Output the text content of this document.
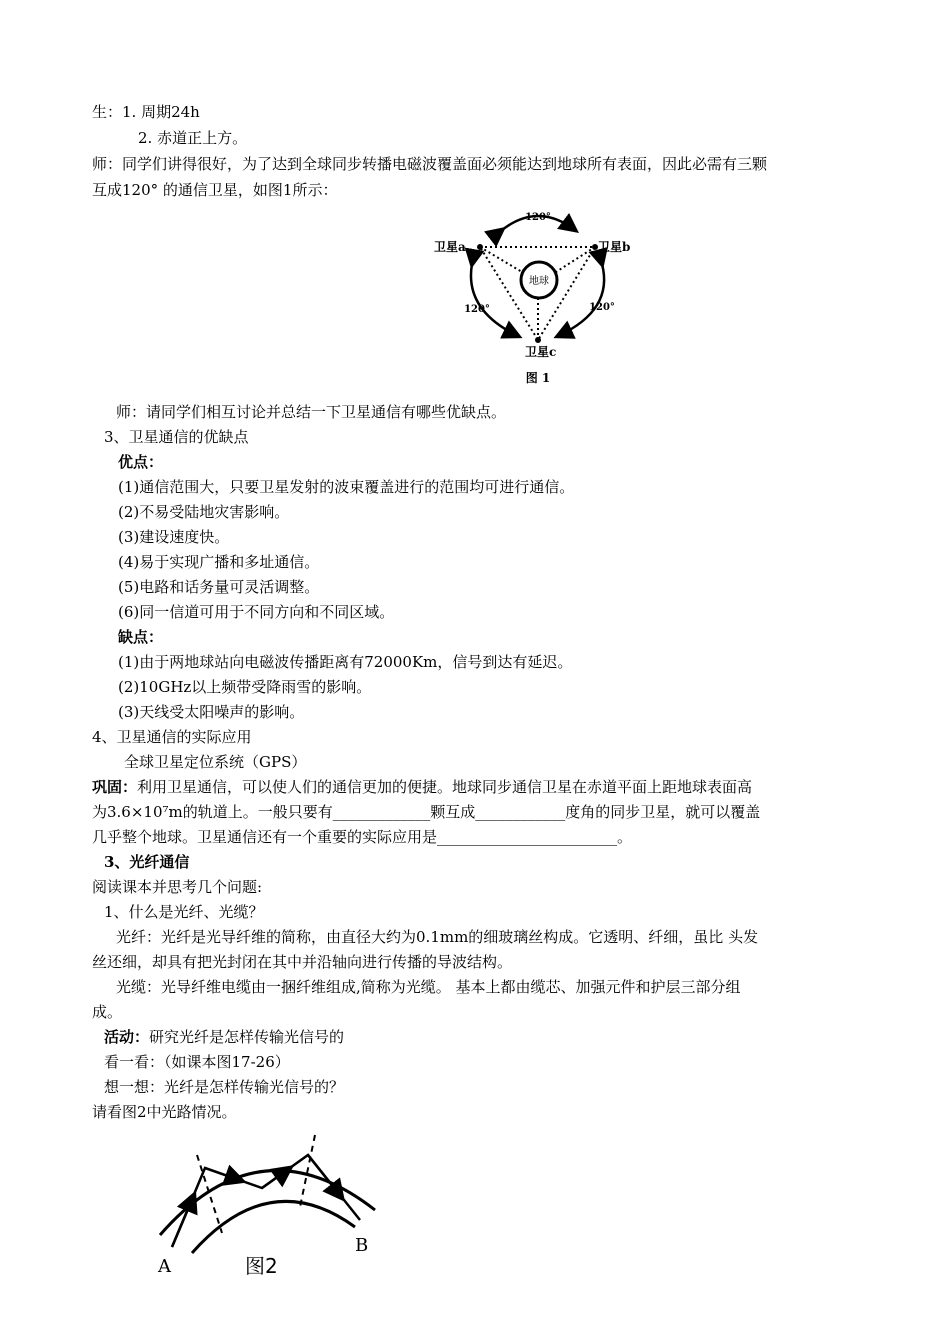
生：1. 周期24h
2. 赤道正上方。
师：同学们讲得很好，为了达到全球同步转播电磁波覆盖面必须能达到地球所有表面，因此必需有三颗
互成120° 的通信卫星，如图1所示：
地球
卫星a	卫星b
卫星c
120°
120°	120°
图 1
师：请同学们相互讨论并总结一下卫星通信有哪些优缺点。
3、卫星通信的优缺点
优点：
(1)通信范围大，只要卫星发射的波束覆盖进行的范围均可进行通信。
(2)不易受陆地灾害影响。
(3)建设速度快。
(4)易于实现广播和多址通信。
(5)电路和话务量可灵活调整。
(6)同一信道可用于不同方向和不同区域。
缺点：
(1)由于两地球站向电磁波传播距离有72000Km，信号到达有延迟。
(2)10GHz以上频带受降雨雪的影响。
(3)天线受太阳噪声的影响。
4、卫星通信的实际应用
全球卫星定位系统（GPS）
巩固：利用卫星通信，可以使人们的通信更加的便捷。地球同步通信卫星在赤道平面上距地球表面高
为3.6×10⁷m的轨道上。一般只要有_____________颗互成____________度角的同步卫星，就可以覆盖
几乎整个地球。卫星通信还有一个重要的实际应用是________________________。
3、光纤通信
阅读课本并思考几个问题:
1、什么是光纤、光缆？
光纤：光纤是光导纤维的简称，由直径大约为0.1mm的细玻璃丝构成。它透明、纤细，虽比 头发
丝还细，却具有把光封闭在其中并沿轴向进行传播的导波结构。
光缆：光导纤维电缆由一捆纤维组成,简称为光缆。 基本上都由缆芯、加强元件和护层三部分组
成。
活动：研究光纤是怎样传输光信号的
看一看：（如课本图17-26）
想一想：光纤是怎样传输光信号的？
请看图2中光路情况。
A
B
图2
